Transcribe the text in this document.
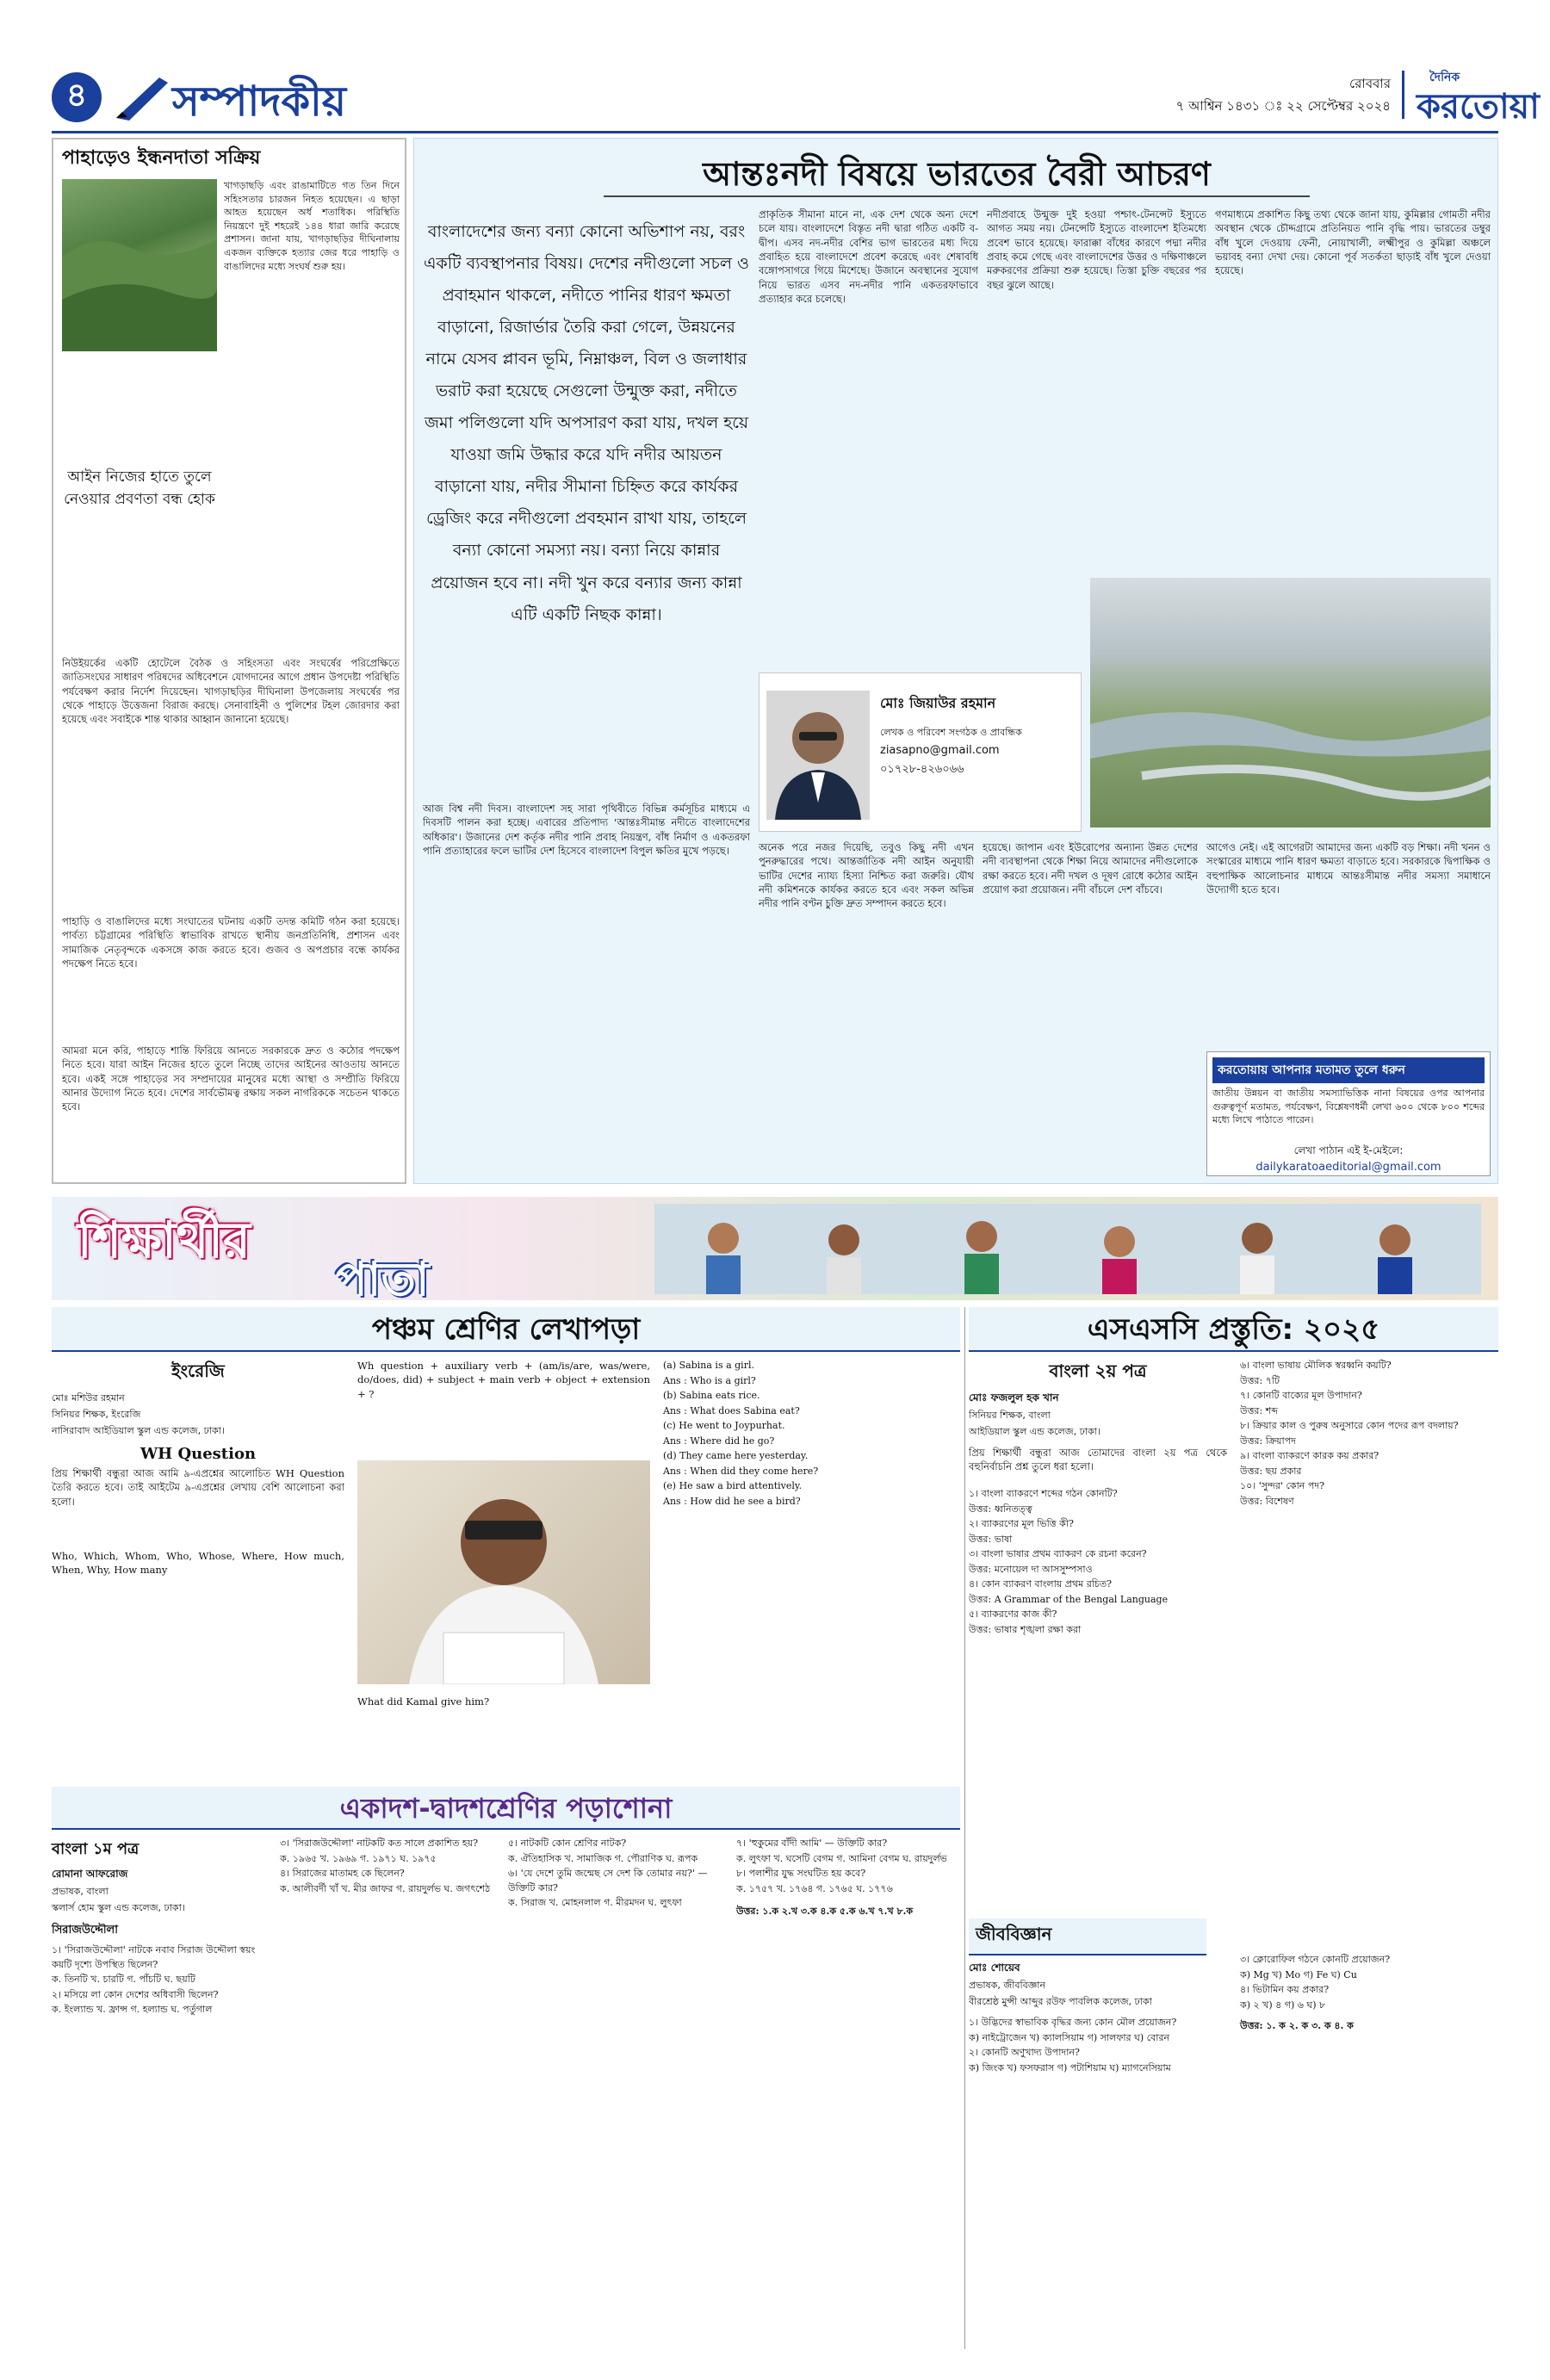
৪	সম্পাদকীয়	রোববার
৭ আশ্বিন ১৪৩১ ঃ ২২ সেপ্টেম্বর ২০২৪
দৈনিক
করতোয়া
পাহাড়েও ইন্ধনদাতা সক্রিয়
খাগড়াছড়ি এবং রাঙামাটিতে গত তিন দিনে সহিংসতার চারজন নিহত হয়েছেন। এ ছাড়া আহত হয়েছেন অর্ধ শতাধিক। পরিস্থিতি নিয়ন্ত্রণে দুই শহরেই ১৪৪ ধারা জারি করেছে প্রশাসন। জানা যায়, খাগড়াছড়ির দীঘিনালায় একজন ব্যক্তিকে হত্যার জের ধরে পাহাড়ি ও বাঙালিদের মধ্যে সংঘর্ষ শুরু হয়।
আইন নিজের হাতে তুলে নেওয়ার প্রবণতা বন্ধ হোক
নিউইয়র্কের একটি হোটেলে বৈঠক ও সহিংসতা এবং সংঘর্ষের পরিপ্রেক্ষিতে জাতিসংঘের সাধারণ পরিষদের অধিবেশনে যোগদানের আগে প্রধান উপদেষ্টা পরিস্থিতি পর্যবেক্ষণ করার নির্দেশ দিয়েছেন। খাগড়াছড়ির দীঘিনালা উপজেলায় সংঘর্ষের পর থেকে পাহাড়ে উত্তেজনা বিরাজ করছে। সেনাবাহিনী ও পুলিশের টহল জোরদার করা হয়েছে এবং সবাইকে শান্ত থাকার আহ্বান জানানো হয়েছে।
পাহাড়ি ও বাঙালিদের মধ্যে সংঘাতের ঘটনায় একটি তদন্ত কমিটি গঠন করা হয়েছে। পার্বত্য চট্টগ্রামের পরিস্থিতি স্বাভাবিক রাখতে স্থানীয় জনপ্রতিনিধি, প্রশাসন এবং সামাজিক নেতৃবৃন্দকে একসঙ্গে কাজ করতে হবে। গুজব ও অপপ্রচার বন্ধে কার্যকর পদক্ষেপ নিতে হবে।
আমরা মনে করি, পাহাড়ে শান্তি ফিরিয়ে আনতে সরকারকে দ্রুত ও কঠোর পদক্ষেপ নিতে হবে। যারা আইন নিজের হাতে তুলে নিচ্ছে তাদের আইনের আওতায় আনতে হবে। একই সঙ্গে পাহাড়ের সব সম্প্রদায়ের মানুষের মধ্যে আস্থা ও সম্প্রীতি ফিরিয়ে আনার উদ্যোগ নিতে হবে। দেশের সার্বভৌমত্ব রক্ষায় সকল নাগরিককে সচেতন থাকতে হবে।
আন্তঃনদী বিষয়ে ভারতের বৈরী আচরণ
বাংলাদেশের জন্য বন্যা কোনো অভিশাপ নয়, বরং একটি ব্যবস্থাপনার বিষয়। দেশের নদীগুলো সচল ও প্রবাহমান থাকলে, নদীতে পানির ধারণ ক্ষমতা বাড়ানো, রিজার্ভার তৈরি করা গেলে, উন্নয়নের নামে যেসব প্লাবন ভূমি, নিম্নাঞ্চল, বিল ও জলাধার ভরাট করা হয়েছে সেগুলো উন্মুক্ত করা, নদীতে জমা পলিগুলো যদি অপসারণ করা যায়, দখল হয়ে যাওয়া জমি উদ্ধার করে যদি নদীর আয়তন বাড়ানো যায়, নদীর সীমানা চিহ্নিত করে কার্যকর ড্রেজিং করে নদীগুলো প্রবহমান রাখা যায়, তাহলে বন্যা কোনো সমস্যা নয়। বন্যা নিয়ে কান্নার প্রয়োজন হবে না। নদী খুন করে বন্যার জন্য কান্না এটি একটি নিছক কান্না।
প্রাকৃতিক সীমানা মানে না, এক দেশ থেকে অন্য দেশে চলে যায়। বাংলাদেশে বিস্তৃত নদী দ্বারা গঠিত একটি ব-দ্বীপ। এসব নদ-নদীর বেশির ভাগ ভারতের মধ্য দিয়ে প্রবাহিত হয়ে বাংলাদেশে প্রবেশ করেছে এবং শেষাবধি বঙ্গোপসাগরে গিয়ে মিশেছে। উজানে অবস্থানের সুযোগ নিয়ে ভারত এসব নদ-নদীর পানি একতরফাভাবে প্রত্যাহার করে চলেছে।
নদীপ্রবাহে উন্মুক্ত দুই হওয়া পশ্চাৎ-টেনন্সেট ইস্যুতে আগত সময় নয়। টেনন্সেটি ইস্যুতে বাংলাদেশ ইতিমধ্যে প্রবেশ ভাবে হয়েছে। ফারাক্কা বাঁধের কারণে পদ্মা নদীর প্রবাহ কমে গেছে এবং বাংলাদেশের উত্তর ও দক্ষিণাঞ্চলে মরুকরণের প্রক্রিয়া শুরু হয়েছে। তিস্তা চুক্তি বছরের পর বছর ঝুলে আছে।
গণমাধ্যমে প্রকাশিত কিছু তথ্য থেকে জানা যায়, কুমিল্লার গোমতী নদীর অবস্থান থেকে চৌদ্দগ্রামে প্রতিনিয়ত পানি বৃদ্ধি পায়। ভারতের ডম্বুর বাঁধ খুলে দেওয়ায় ফেনী, নোয়াখালী, লক্ষ্মীপুর ও কুমিল্লা অঞ্চলে ভয়াবহ বন্যা দেখা দেয়। কোনো পূর্ব সতর্কতা ছাড়াই বাঁধ খুলে দেওয়া হয়েছে।
মোঃ জিয়াউর রহমান
লেখক ও পরিবেশ সংগঠক ও প্রাবন্ধিক
ziasapno@gmail.com
০১৭২৮-৪২৬০৬৬
আজ বিশ্ব নদী দিবস। বাংলাদেশ সহ সারা পৃথিবীতে বিভিন্ন কর্মসূচির মাধ্যমে এ দিবসটি পালন করা হচ্ছে। এবারের প্রতিপাদ্য 'আন্তঃসীমান্ত নদীতে বাংলাদেশের অধিকার'। উজানের দেশ কর্তৃক নদীর পানি প্রবাহ নিয়ন্ত্রণ, বাঁধ নির্মাণ ও একতরফা পানি প্রত্যাহারের ফলে ভাটির দেশ হিসেবে বাংলাদেশ বিপুল ক্ষতির মুখে পড়ছে।	অনেক পরে নজর দিয়েছি, তবুও কিছু নদী এখন পুনরুদ্ধারের পথে। আন্তর্জাতিক নদী আইন অনুযায়ী ভাটির দেশের ন্যায্য হিস্যা নিশ্চিত করা জরুরি। যৌথ নদী কমিশনকে কার্যকর করতে হবে এবং সকল অভিন্ন নদীর পানি বণ্টন চুক্তি দ্রুত সম্পাদন করতে হবে।
হয়েছে। জাপান এবং ইউরোপের অন্যান্য উন্নত দেশের নদী ব্যবস্থাপনা থেকে শিক্ষা নিয়ে আমাদের নদীগুলোকে রক্ষা করতে হবে। নদী দখল ও দূষণ রোধে কঠোর আইন প্রয়োগ করা প্রয়োজন। নদী বাঁচলে দেশ বাঁচবে।
আগেও নেই। এই আগেরটা আমাদের জন্য একটি বড় শিক্ষা। নদী খনন ও সংস্কারের মাধ্যমে পানি ধারণ ক্ষমতা বাড়াতে হবে। সরকারকে দ্বিপাক্ষিক ও বহুপাক্ষিক আলোচনার মাধ্যমে আন্তঃসীমান্ত নদীর সমস্যা সমাধানে উদ্যোগী হতে হবে।
করতোয়ায় আপনার মতামত তুলে ধরুন
জাতীয় উন্নয়ন বা জাতীয় সমস্যাভিত্তিক নানা বিষয়ের ওপর আপনার গুরুত্বপূর্ণ মতামত, পর্যবেক্ষণ, বিশ্লেষণধর্মী লেখা ৬০০ থেকে ৮০০ শব্দের মধ্যে লিখে পাঠাতে পারেন।
লেখা পাঠান এই ই-মেইলে:
dailykaratoaeditorial@gmail.com
শিক্ষার্থীর
পাতা
পঞ্চম শ্রেণির লেখাপড়া
ইংরেজি
মোঃ মশিউর রহমান
সিনিয়র শিক্ষক, ইংরেজি
নাসিরাবাদ আইডিয়াল স্কুল এন্ড কলেজ, ঢাকা।
WH Question
প্রিয় শিক্ষার্থী বন্ধুরা আজ আমি ৯-এপ্রশ্নের আলোচিত WH Question তৈরি করতে হবে। তাই আইটেম ৯-এপ্রশ্নের লেখায় বেশি আলোচনা করা হলো।
Who, Which, Whom, Who, Whose, Where, How much, When, Why, How many
Wh question + auxiliary verb + (am/is/are, was/were, do/does, did) + subject + main verb + object + extension + ?
What did Kamal give him?
(a) Sabina is a girl.
Ans : Who is a girl?
(b) Sabina eats rice.
Ans : What does Sabina eat?
(c) He went to Joypurhat.
Ans : Where did he go?
(d) They came here yesterday.
Ans : When did they come here?
(e) He saw a bird attentively.
Ans : How did he see a bird?
এসএসসি প্রস্তুতি: ২০২৫
বাংলা ২য় পত্র
মোঃ ফজলুল হক খান
সিনিয়র শিক্ষক, বাংলা
আইডিয়াল স্কুল এন্ড কলেজ, ঢাকা।
প্রিয় শিক্ষার্থী বন্ধুরা আজ তোমাদের বাংলা ২য় পত্র থেকে বহুনির্বাচনি প্রশ্ন তুলে ধরা হলো।
১। বাংলা ব্যাকরণে শব্দের গঠন কোনটি?
উত্তর: ধ্বনিতত্ত্ব
২। ব্যাকরণের মূল ভিত্তি কী?
উত্তর: ভাষা
৩। বাংলা ভাষার প্রথম ব্যাকরণ কে রচনা করেন?
উত্তর: মনোয়েল দা আসসুম্পসাও
৪। কোন ব্যাকরণ বাংলায় প্রথম রচিত?
উত্তর: A Grammar of the Bengal Language
৫। ব্যাকরণের কাজ কী?
উত্তর: ভাষার শৃঙ্খলা রক্ষা করা
৬। বাংলা ভাষায় মৌলিক স্বরধ্বনি কয়টি?
উত্তর: ৭টি
৭। কোনটি বাক্যের মূল উপাদান?
উত্তর: শব্দ
৮। ক্রিয়ার কাল ও পুরুষ অনুসারে কোন পদের রূপ বদলায়?
উত্তর: ক্রিয়াপদ
৯। বাংলা ব্যাকরণে কারক কয় প্রকার?
উত্তর: ছয় প্রকার
১০। 'সুন্দর' কোন পদ?
উত্তর: বিশেষণ
জীববিজ্ঞান
মোঃ শোয়েব
প্রভাষক, জীববিজ্ঞান
বীরশ্রেষ্ঠ মুন্সী আব্দুর রউফ পাবলিক কলেজ, ঢাকা
১। উদ্ভিদের স্বাভাবিক বৃদ্ধির জন্য কোন মৌল প্রয়োজন?
ক) নাইট্রোজেন খ) ক্যালসিয়াম গ) সালফার ঘ) বোরন
২। কোনটি অণুখাদ্য উপাদান?
ক) জিংক খ) ফসফরাস গ) পটাশিয়াম ঘ) ম্যাগনেসিয়াম
৩। ক্লোরোফিল গঠনে কোনটি প্রয়োজন?
ক) Mg খ) Mo গ) Fe ঘ) Cu
৪। ভিটামিন কয় প্রকার?
ক) ২ খ) ৪ গ) ৬ ঘ) ৮
উত্তর: ১. ক ২. ক ৩. ক ৪. ক
একাদশ-দ্বাদশশ্রেণির পড়াশোনা
বাংলা ১ম পত্র
রোমানা আফরোজ
প্রভাষক, বাংলা
স্কলার্স হোম স্কুল এন্ড কলেজ, ঢাকা।
সিরাজউদ্দৌলা
১। 'সিরাজউদ্দৌলা' নাটকে নবাব সিরাজ উদ্দৌলা স্বয়ং কয়টি দৃশ্যে উপস্থিত ছিলেন?
ক. তিনটি খ. চারটি গ. পাঁচটি ঘ. ছয়টি
২। মসিয়ে লা কোন দেশের অধিবাসী ছিলেন?
ক. ইংল্যান্ড খ. ফ্রান্স গ. হল্যান্ড ঘ. পর্তুগাল
৩। 'সিরাজউদ্দৌলা' নাটকটি কত সালে প্রকাশিত হয়?
ক. ১৯৬৫ খ. ১৯৬৯ গ. ১৯৭১ ঘ. ১৯৭৫
৪। সিরাজের মাতামহ কে ছিলেন?
ক. আলীবর্দী খাঁ খ. মীর জাফর গ. রায়দুর্লভ ঘ. জগৎশেঠ
৫। নাটকটি কোন শ্রেণির নাটক?
ক. ঐতিহাসিক খ. সামাজিক গ. পৌরাণিক ঘ. রূপক
৬। 'যে দেশে তুমি জন্মেছ সে দেশ কি তোমার নয়?' — উক্তিটি কার?
ক. সিরাজ খ. মোহনলাল গ. মীরমদন ঘ. লুৎফা
৭। 'হুকুমের বাঁদী আমি' — উক্তিটি কার?
ক. লুৎফা খ. ঘসেটি বেগম গ. আমিনা বেগম ঘ. রায়দুর্লভ
৮। পলাশীর যুদ্ধ সংঘটিত হয় কবে?
ক. ১৭৫৭ খ. ১৭৬৪ গ. ১৭৬৫ ঘ. ১৭৭৬
উত্তর: ১.ক ২.খ ৩.ক ৪.ক ৫.ক ৬.খ ৭.খ ৮.ক
